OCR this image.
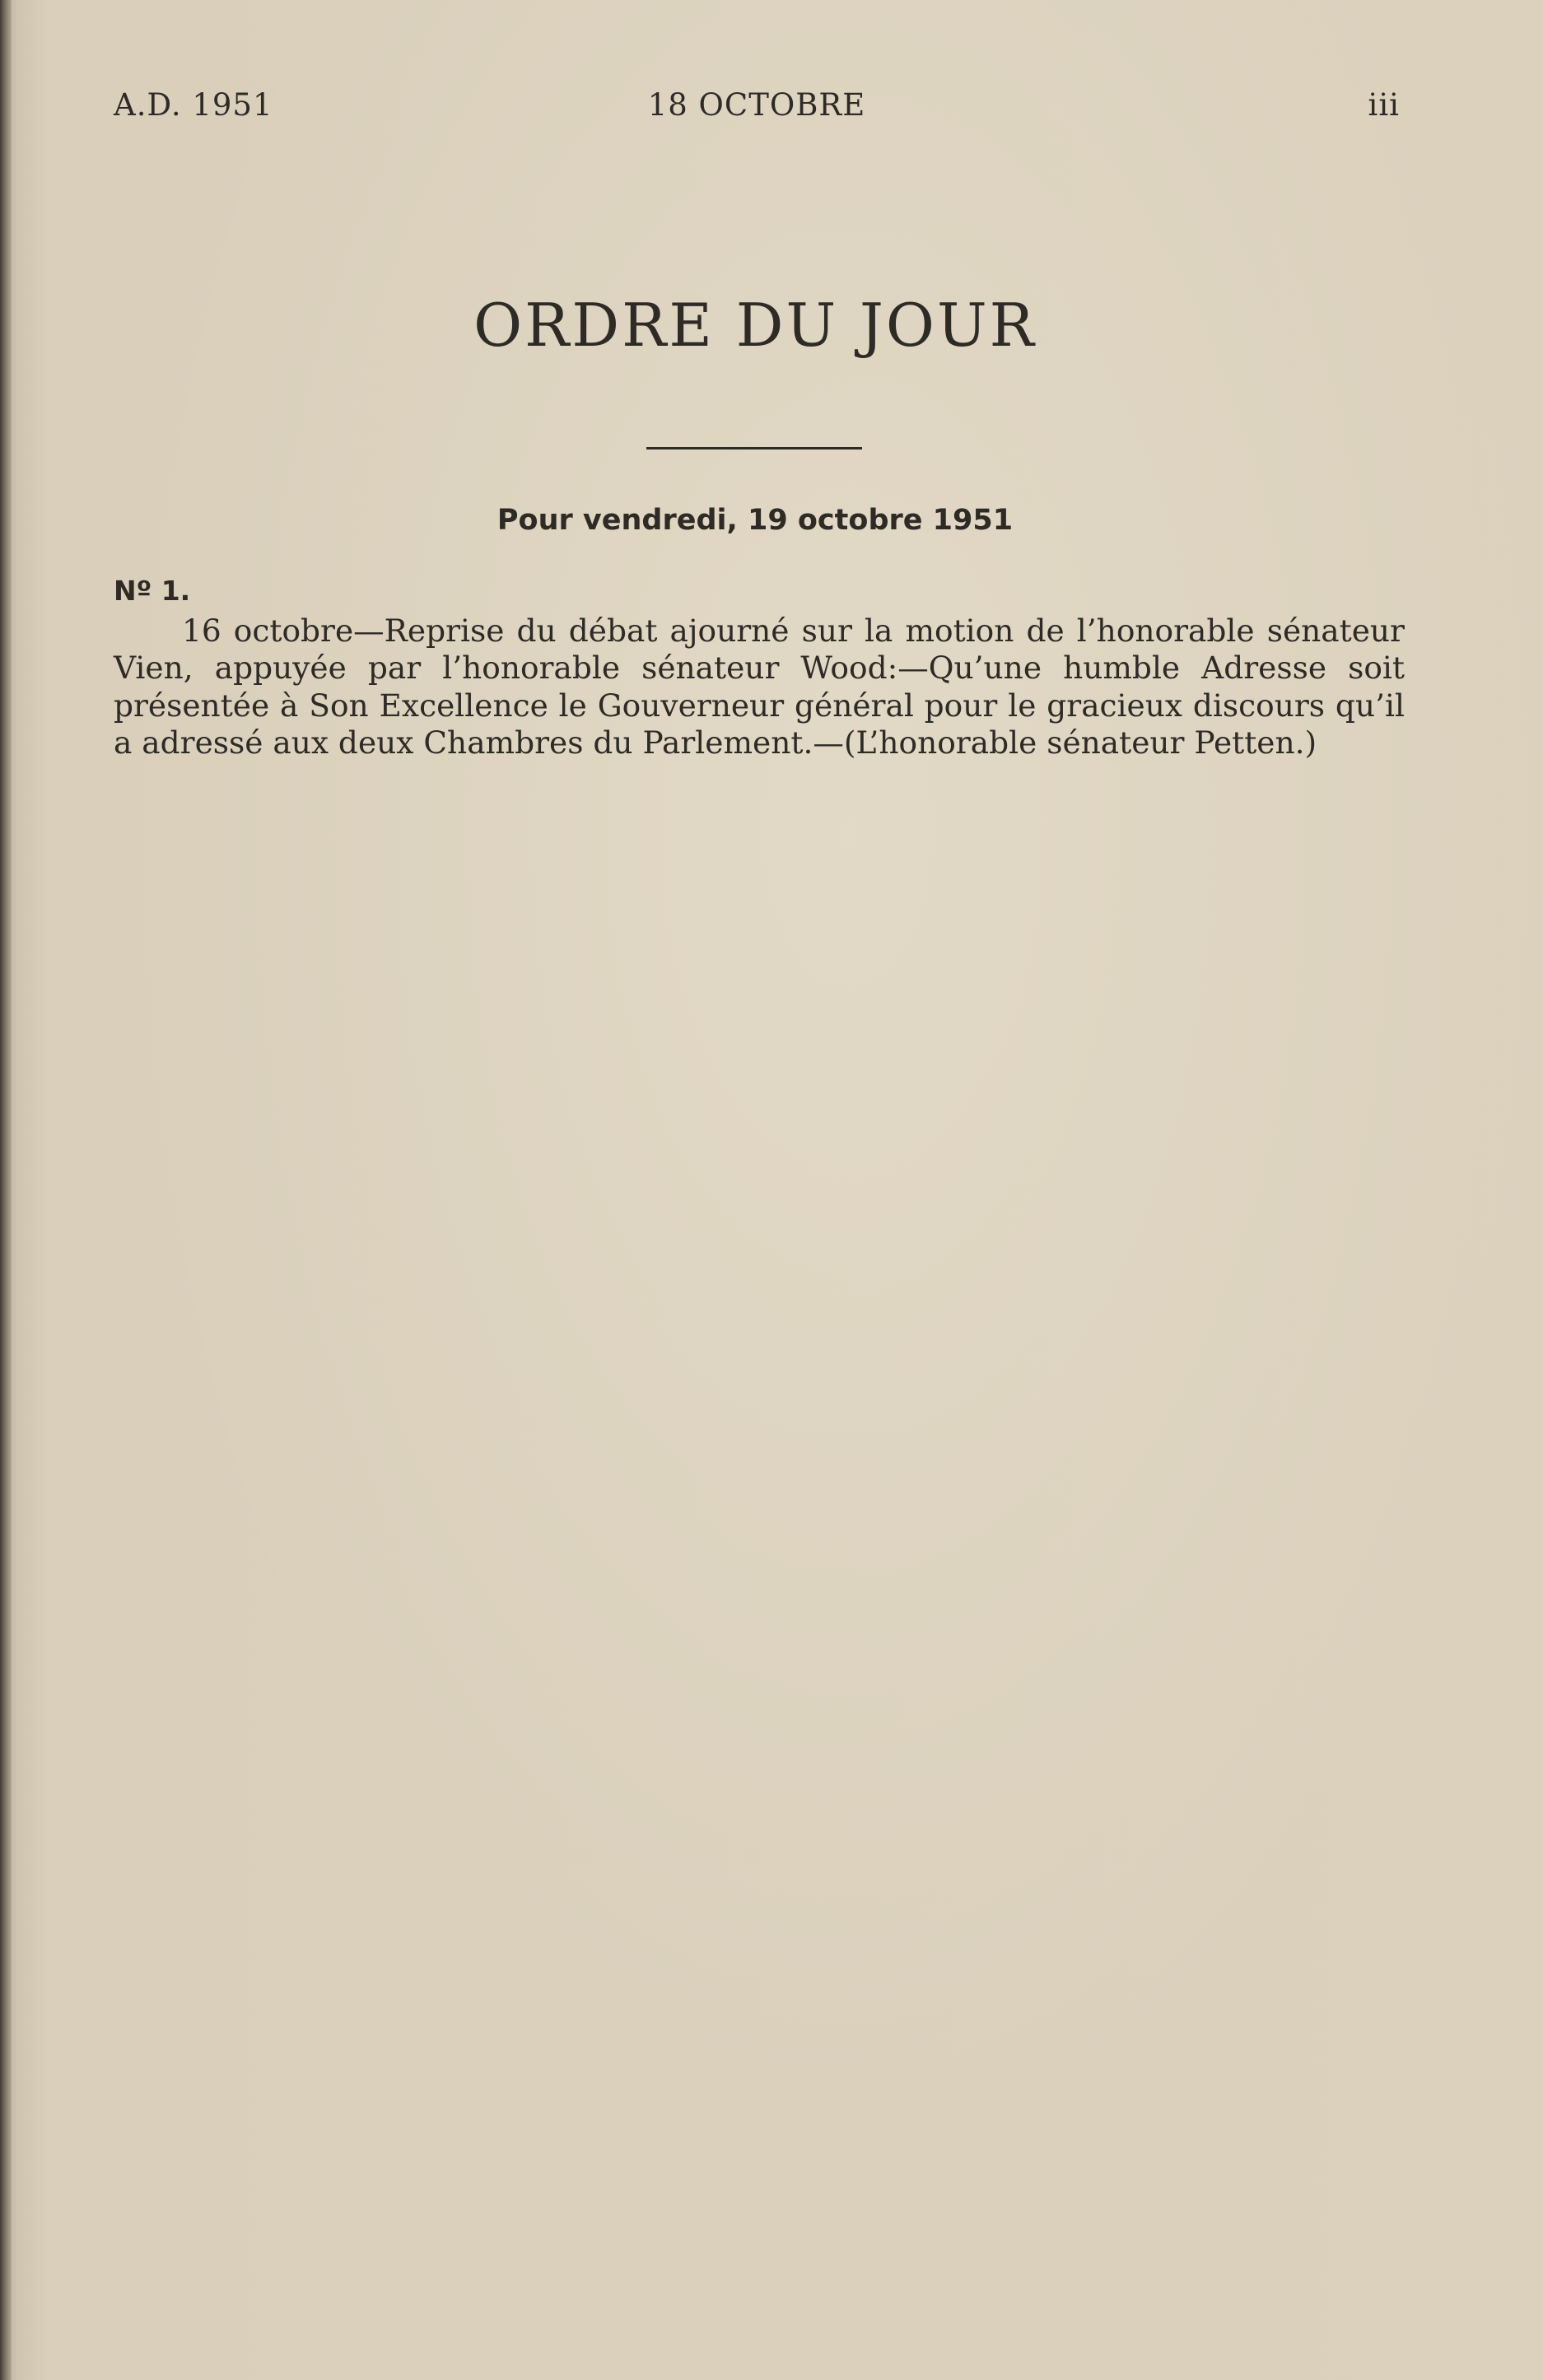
A.D. 1951	18 OCTOBRE	iii
ORDRE DU JOUR
Pour vendredi, 19 octobre 1951
Nº 1.

16 octobre—Reprise du débat ajourné sur la motion de l’honorable sénateur Vien, appuyée par l’honorable sénateur Wood:—Qu’une humble Adresse soit présentée à Son Excellence le Gouverneur général pour le gracieux discours qu’il a adressé aux deux Chambres du Parlement.—(L’honorable sénateur Petten.)
